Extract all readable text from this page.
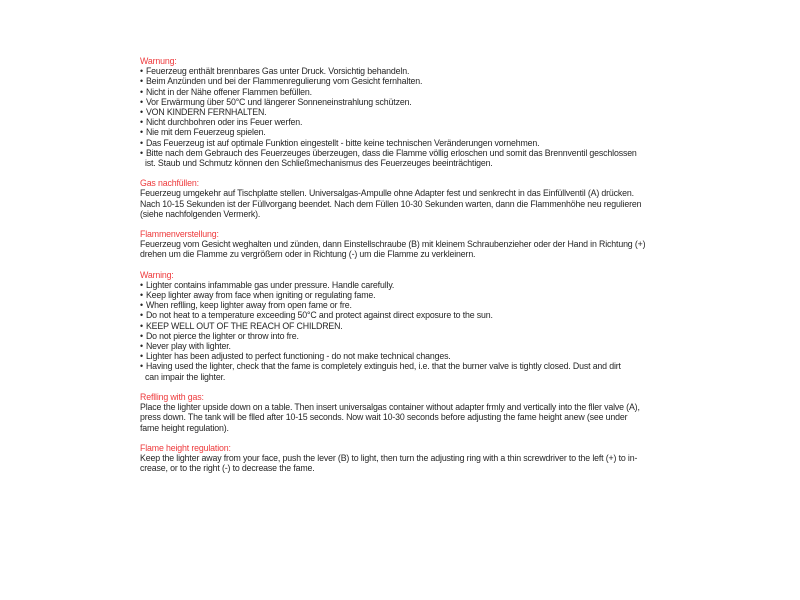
Warnung:
• Feuerzeug enthält brennbares Gas unter Druck. Vorsichtig behandeln.
• Beim Anzünden und bei der Flammenregulierung vom Gesicht fernhalten.
• Nicht in der Nähe offener Flammen befüllen.
• Vor Erwärmung über 50°C und längerer Sonneneinstrahlung schützen.
• VON KINDERN FERNHALTEN.
• Nicht durchbohren oder ins Feuer werfen.
• Nie mit dem Feuerzeug spielen.
• Das Feuerzeug ist auf optimale Funktion eingestellt - bitte keine technischen Veränderungen vornehmen.
• Bitte nach dem Gebrauch des Feuerzeuges überzeugen, dass die Flamme völlig erloschen und somit das Brennventil geschlossen
ist. Staub und Schmutz können den Schließmechanismus des Feuerzeuges beeinträchtigen.
Gas nachfüllen:
Feuerzeug umgekehr auf Tischplatte stellen. Universalgas-Ampulle ohne Adapter fest und senkrecht in das Einfüllventil (A) drücken.
Nach 10-15 Sekunden ist der Füllvorgang beendet. Nach dem Füllen 10-30 Sekunden warten, dann die Flammenhöhe neu regulieren
(siehe nachfolgenden Vermerk).
Flammenverstellung:
Feuerzeug vom Gesicht weghalten und zünden, dann Einstellschraube (B) mit kleinem Schraubenzieher oder der Hand in Richtung (+)
drehen um die Flamme zu vergrößern oder in Richtung (-) um die Flamme zu verkleinern.
Warning:
• Lighter contains infammable gas under pressure. Handle carefully.
• Keep lighter away from face when igniting or regulating fame.
• When reflling, keep lighter away from open fame or fre.
• Do not heat to a temperature exceeding 50°C and protect against direct exposure to the sun.
• KEEP WELL OUT OF THE REACH OF CHILDREN.
• Do not pierce the lighter or throw into fre.
• Never play with lighter.
• Lighter has been adjusted to perfect functioning - do not make technical changes.
• Having used the lighter, check that the fame is completely extinguis hed, i.e. that the burner valve is tightly closed. Dust and dirt
can impair the lighter.
Reflling with gas:
Place the lighter upside down on a table. Then insert universalgas container without adapter frmly and vertically into the fller valve (A),
press down. The tank will be flled after 10-15 seconds. Now wait 10-30 seconds before adjusting the fame height anew (see under
fame height regulation).
Flame height regulation:
Keep the lighter away from your face, push the lever (B) to light, then turn the adjusting ring with a thin screwdriver to the left (+) to in-
crease, or to the right (-) to decrease the fame.
